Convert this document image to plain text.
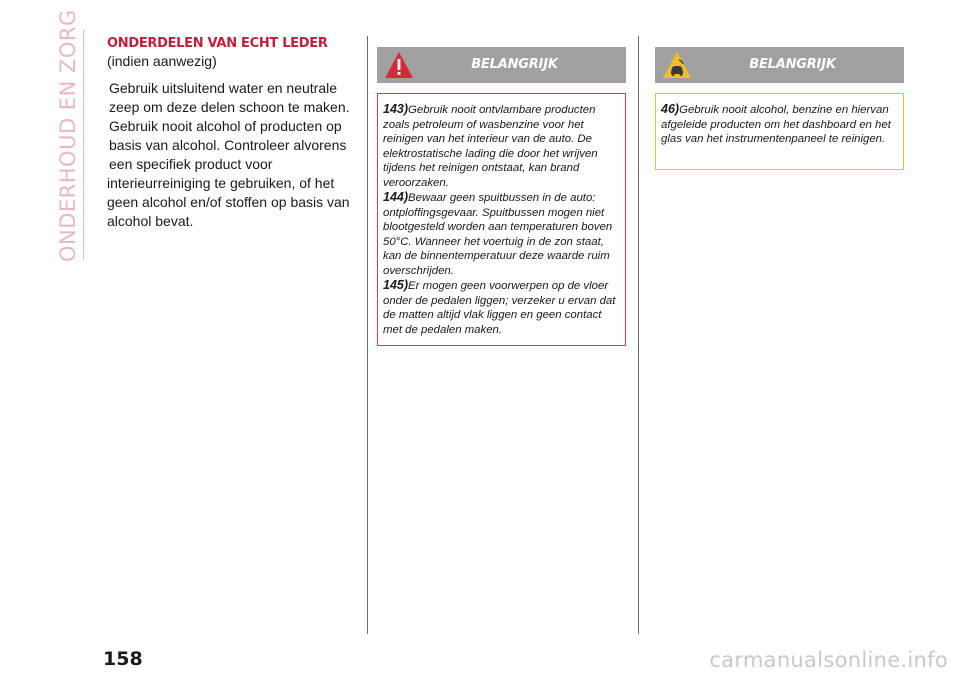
ONDERHOUD EN ZORG ONDERDELEN VAN ECHT LEDER
(indien aanwezig)
Gebruik uitsluitend water en neutrale
zeep om deze delen schoon te maken.
Gebruik nooit alcohol of producten op
basis van alcohol. Controleer alvorens
een specifiek product voor
interieurreiniging te gebruiken, of het
geen alcohol en/of stoffen op basis van
alcohol bevat.
BELANGRIJK
143)Gebruik nooit ontvlambare producten zoals petroleum of wasbenzine voor het reinigen van het interieur van de auto. De elektrostatische lading die door het wrijven tijdens het reinigen ontstaat, kan brand veroorzaken.
144)Bewaar geen spuitbussen in de auto: ontploffingsgevaar. Spuitbussen mogen niet blootgesteld worden aan temperaturen boven 50°C. Wanneer het voertuig in de zon staat, kan de binnentemperatuur deze waarde ruim overschrijden.
145)Er mogen geen voorwerpen op de vloer onder de pedalen liggen; verzeker u ervan dat de matten altijd vlak liggen en geen contact met de pedalen maken.
BELANGRIJK
46)Gebruik nooit alcohol, benzine en hiervan afgeleide producten om het dashboard en het glas van het instrumentenpaneel te reinigen.
158	carmanualsonline.info
